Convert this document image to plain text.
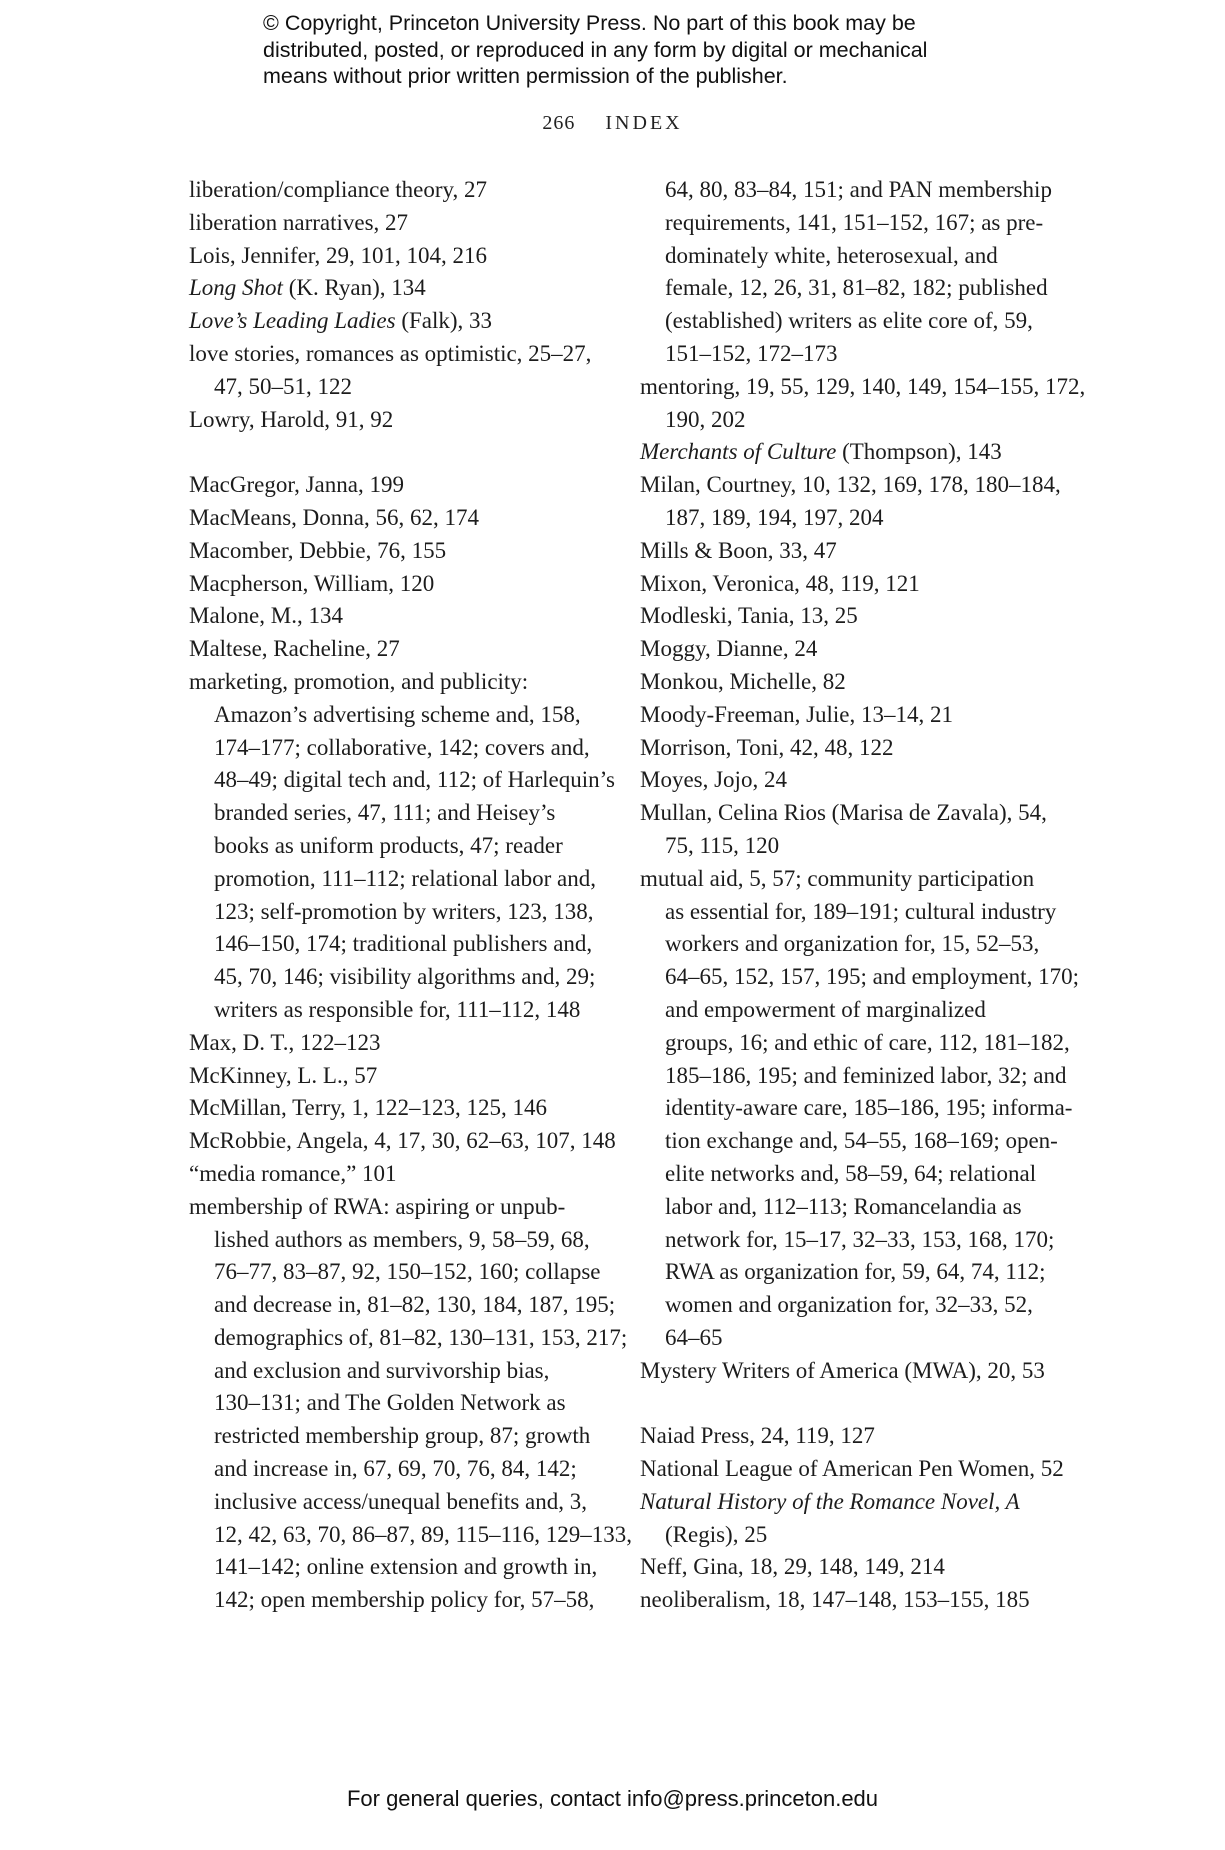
© Copyright, Princeton University Press. No part of this book may be
distributed, posted, or reproduced in any form by digital or mechanical
means without prior written permission of the publisher.
266 INDEX
liberation/compliance theory, 27
liberation narratives, 27
Lois, Jennifer, 29, 101, 104, 216
Long Shot (K. Ryan), 134
Love’s Leading Ladies (Falk), 33
love stories, romances as optimistic, 25–27,
47, 50–51, 122
Lowry, Harold, 91, 92
MacGregor, Janna, 199
MacMeans, Donna, 56, 62, 174
Macomber, Debbie, 76, 155
Macpherson, William, 120
Malone, M., 134
Maltese, Racheline, 27
marketing, promotion, and publicity:
Amazon’s advertising scheme and, 158,
174–177; collaborative, 142; covers and,
48–49; digital tech and, 112; of Harlequin’s
branded series, 47, 111; and Heisey’s
books as uniform products, 47; reader
promotion, 111–112; relational labor and,
123; self-promotion by writers, 123, 138,
146–150, 174; traditional publishers and,
45, 70, 146; visibility algorithms and, 29;
writers as responsible for, 111–112, 148
Max, D. T., 122–123
McKinney, L. L., 57
McMillan, Terry, 1, 122–123, 125, 146
McRobbie, Angela, 4, 17, 30, 62–63, 107, 148
“media romance,” 101
membership of RWA: aspiring or unpub-
lished authors as members, 9, 58–59, 68,
76–77, 83–87, 92, 150–152, 160; collapse
and decrease in, 81–82, 130, 184, 187, 195;
demographics of, 81–82, 130–131, 153, 217;
and exclusion and survivorship bias,
130–131; and The Golden Network as
restricted membership group, 87; growth
and increase in, 67, 69, 70, 76, 84, 142;
inclusive access/unequal benefits and, 3,
12, 42, 63, 70, 86–87, 89, 115–116, 129–133,
141–142; online extension and growth in,
142; open membership policy for, 57–58,
64, 80, 83–84, 151; and PAN membership
requirements, 141, 151–152, 167; as pre-
dominately white, heterosexual, and
female, 12, 26, 31, 81–82, 182; published
(established) writers as elite core of, 59,
151–152, 172–173
mentoring, 19, 55, 129, 140, 149, 154–155, 172,
190, 202
Merchants of Culture (Thompson), 143
Milan, Courtney, 10, 132, 169, 178, 180–184,
187, 189, 194, 197, 204
Mills & Boon, 33, 47
Mixon, Veronica, 48, 119, 121
Modleski, Tania, 13, 25
Moggy, Dianne, 24
Monkou, Michelle, 82
Moody-Freeman, Julie, 13–14, 21
Morrison, Toni, 42, 48, 122
Moyes, Jojo, 24
Mullan, Celina Rios (Marisa de Zavala), 54,
75, 115, 120
mutual aid, 5, 57; community participation
as essential for, 189–191; cultural industry
workers and organization for, 15, 52–53,
64–65, 152, 157, 195; and employment, 170;
and empowerment of marginalized
groups, 16; and ethic of care, 112, 181–182,
185–186, 195; and feminized labor, 32; and
identity-aware care, 185–186, 195; informa-
tion exchange and, 54–55, 168–169; open-
elite networks and, 58–59, 64; relational
labor and, 112–113; Romancelandia as
network for, 15–17, 32–33, 153, 168, 170;
RWA as organization for, 59, 64, 74, 112;
women and organization for, 32–33, 52,
64–65
Mystery Writers of America (MWA), 20, 53
Naiad Press, 24, 119, 127
National League of American Pen Women, 52
Natural History of the Romance Novel, A
(Regis), 25
Neff, Gina, 18, 29, 148, 149, 214
neoliberalism, 18, 147–148, 153–155, 185
For general queries, contact info@press.princeton.edu
